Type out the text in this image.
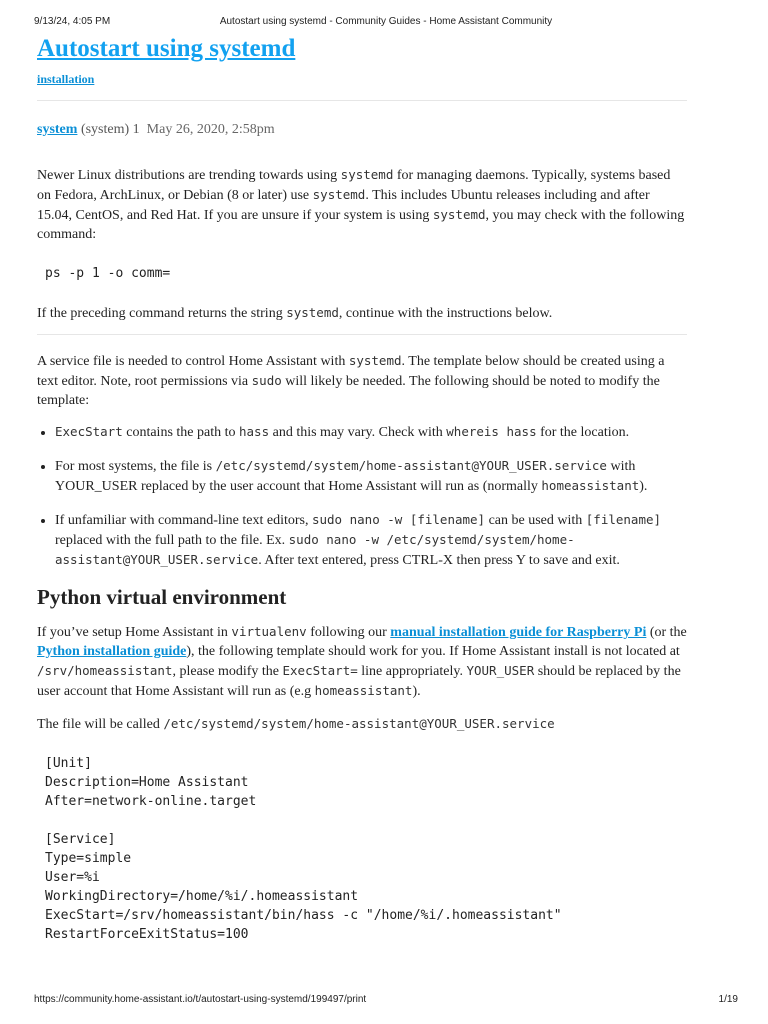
9/13/24, 4:05 PM	Autostart using systemd - Community Guides - Home Assistant Community
Autostart using systemd
installation
system (system) 1 May 26, 2020, 2:58pm

Newer Linux distributions are trending towards using systemd for managing daemons. Typically, systems based on Fedora, ArchLinux, or Debian (8 or later) use systemd. This includes Ubuntu releases including and after 15.04, CentOS, and Red Hat. If you are unsure if your system is using systemd, you may check with the following command:

ps -p 1 -o comm=

If the preceding command returns the string systemd, continue with the instructions below.

A service file is needed to control Home Assistant with systemd. The template below should be created using a text editor. Note, root permissions via sudo will likely be needed. The following should be noted to modify the template:

• ExecStart contains the path to hass and this may vary. Check with whereis hass for the location.
• For most systems, the file is /etc/systemd/system/home-assistant@YOUR_USER.service with YOUR_USER replaced by the user account that Home Assistant will run as (normally homeassistant).
• If unfamiliar with command-line text editors, sudo nano -w [filename] can be used with [filename] replaced with the full path to the file. Ex. sudo nano -w /etc/systemd/system/home-assistant@YOUR_USER.service. After text entered, press CTRL-X then press Y to save and exit.
Python virtual environment

If you’ve setup Home Assistant in virtualenv following our manual installation guide for Raspberry Pi (or the Python installation guide), the following template should work for you. If Home Assistant install is not located at /srv/homeassistant, please modify the ExecStart= line appropriately. YOUR_USER should be replaced by the user account that Home Assistant will run as (e.g homeassistant).

The file will be called /etc/systemd/system/home-assistant@YOUR_USER.service

[Unit]
Description=Home Assistant
After=network-online.target

[Service]
Type=simple
User=%i
WorkingDirectory=/home/%i/.homeassistant
ExecStart=/srv/homeassistant/bin/hass -c "/home/%i/.homeassistant"
RestartForceExitStatus=100
https://community.home-assistant.io/t/autostart-using-systemd/199497/print	1/19
